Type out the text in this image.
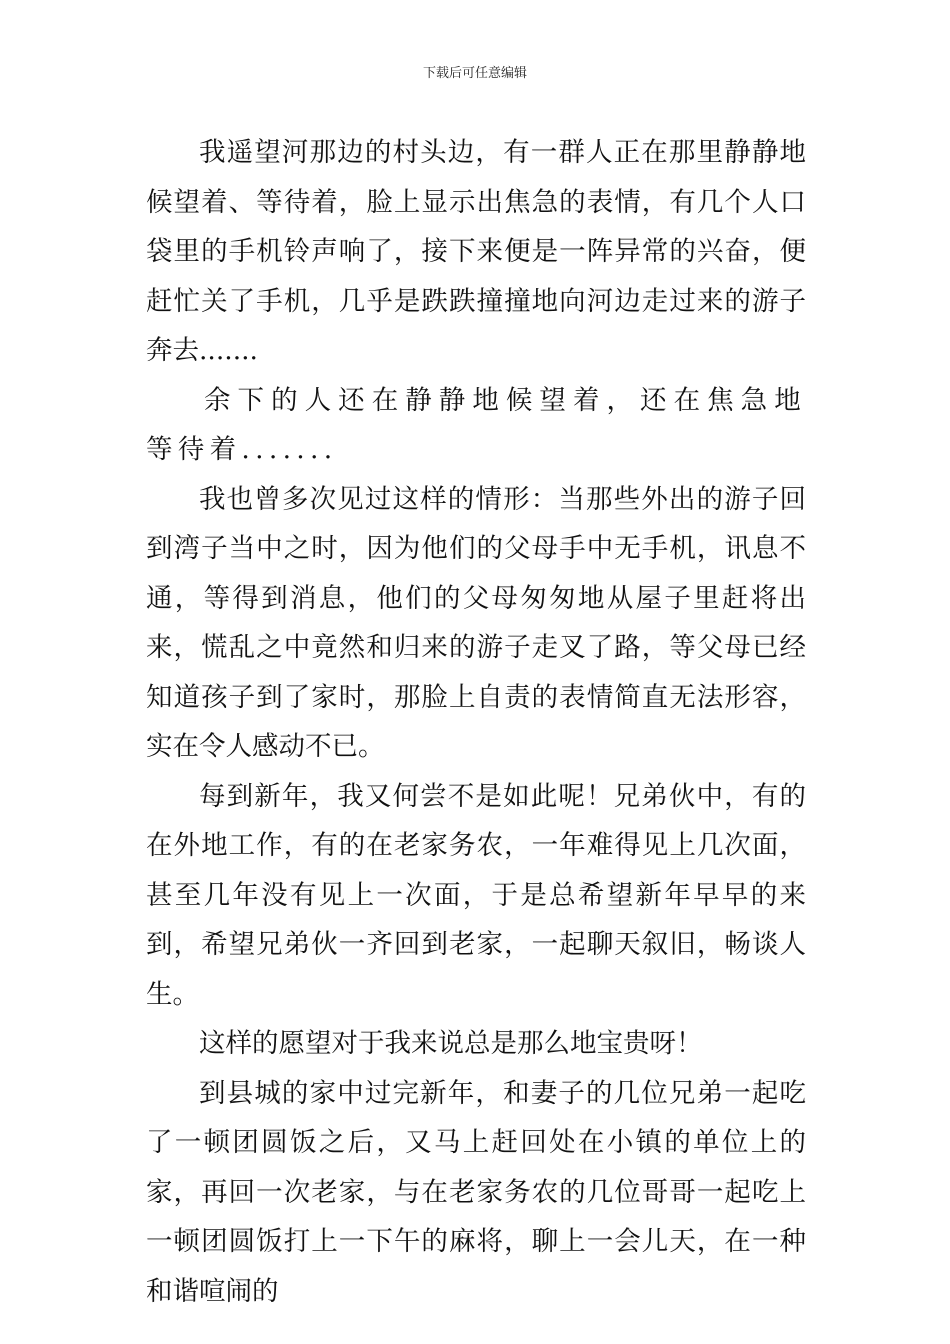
下载后可任意编辑

我遥望河那边的村头边，有一群人正在那里静静地候望着、等待着，脸上显示出焦急的表情，有几个人口袋里的手机铃声响了，接下来便是一阵异常的兴奋，便赶忙关了手机，几乎是跌跌撞撞地向河边走过来的游子奔去.......

余下的人还在静静地候望着，还在焦急地等待着.......

我也曾多次见过这样的情形：当那些外出的游子回到湾子当中之时，因为他们的父母手中无手机，讯息不通，等得到消息，他们的父母匆匆地从屋子里赶将出来，慌乱之中竟然和归来的游子走叉了路，等父母已经知道孩子到了家时，那脸上自责的表情简直无法形容，实在令人感动不已。

每到新年，我又何尝不是如此呢！兄弟伙中，有的在外地工作，有的在老家务农，一年难得见上几次面，甚至几年没有见上一次面，于是总希望新年早早的来到，希望兄弟伙一齐回到老家，一起聊天叙旧，畅谈人生。

这样的愿望对于我来说总是那么地宝贵呀！

到县城的家中过完新年，和妻子的几位兄弟一起吃了一顿团圆饭之后，又马上赶回处在小镇的单位上的家，再回一次老家，与在老家务农的几位哥哥一起吃上一顿团圆饭打上一下午的麻将，聊上一会儿天，在一种和谐喧闹的
